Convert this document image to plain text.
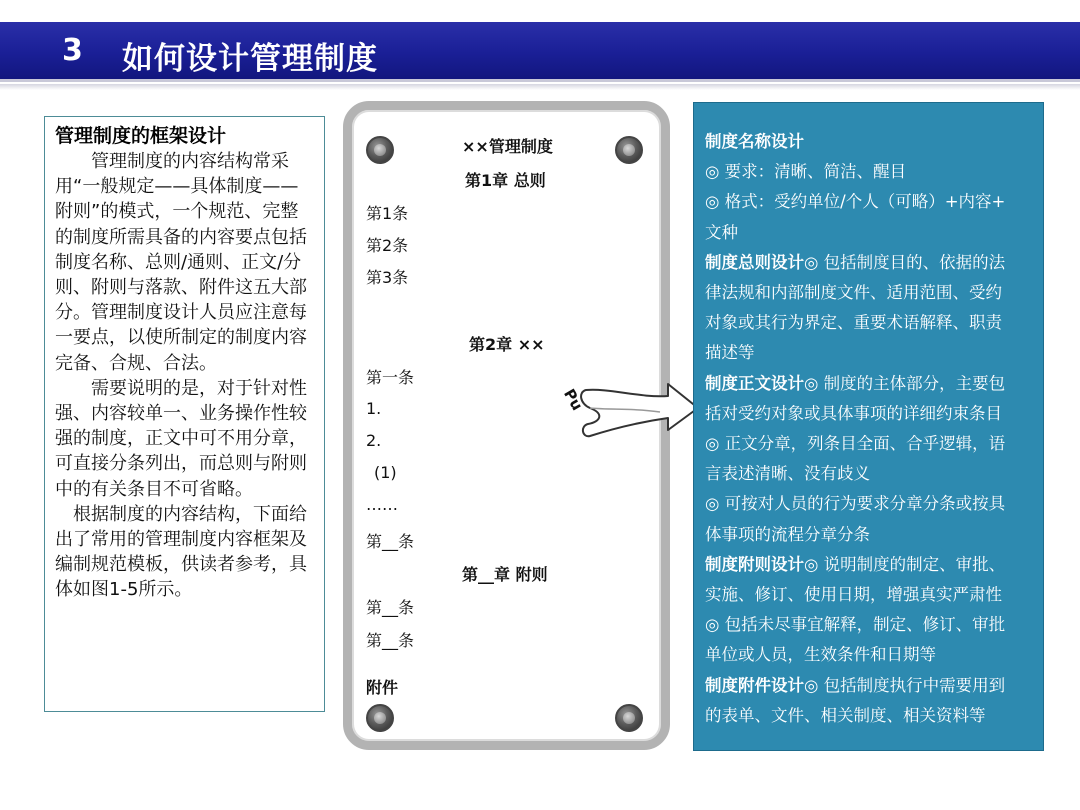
3 如何设计管理制度
管理制度的框架设计

　　管理制度的内容结构常采用“一般规定——具体制度——附则”的模式，一个规范、完整的制度所需具备的内容要点包括制度名称、总则/通则、正文/分则、附则与落款、附件这五大部分。管理制度设计人员应注意每一要点，以使所制定的制度内容完备、合规、合法。

　　需要说明的是，对于针对性强、内容较单一、业务操作性较强的制度，正文中可不用分章，可直接分条列出，而总则与附则中的有关条目不可省略。

　根据制度的内容结构，下面给出了常用的管理制度内容框架及编制规范模板，供读者参考，具体如图1-5所示。

××管理制度
第1章 总则
第1条
第2条
第3条
第2章 ××
第一条
1.
2.
(1)
……
第__条
第__章 附则
第__条
第__条
附件
Pu
制度名称设计
◎ 要求：清晰、简洁、醒目
◎ 格式：受约单位/个人（可略）+内容+
文种
制度总则设计◎ 包括制度目的、依据的法
律法规和内部制度文件、适用范围、受约
对象或其行为界定、重要术语解释、职责
描述等
制度正文设计◎ 制度的主体部分，主要包
括对受约对象或具体事项的详细约束条目
◎ 正文分章，列条目全面、合乎逻辑，语
言表述清晰、没有歧义
◎ 可按对人员的行为要求分章分条或按具
体事项的流程分章分条
制度附则设计◎ 说明制度的制定、审批、
实施、修订、使用日期，增强真实严肃性
◎ 包括未尽事宜解释，制定、修订、审批
单位或人员，生效条件和日期等
制度附件设计◎ 包括制度执行中需要用到
的表单、文件、相关制度、相关资料等
